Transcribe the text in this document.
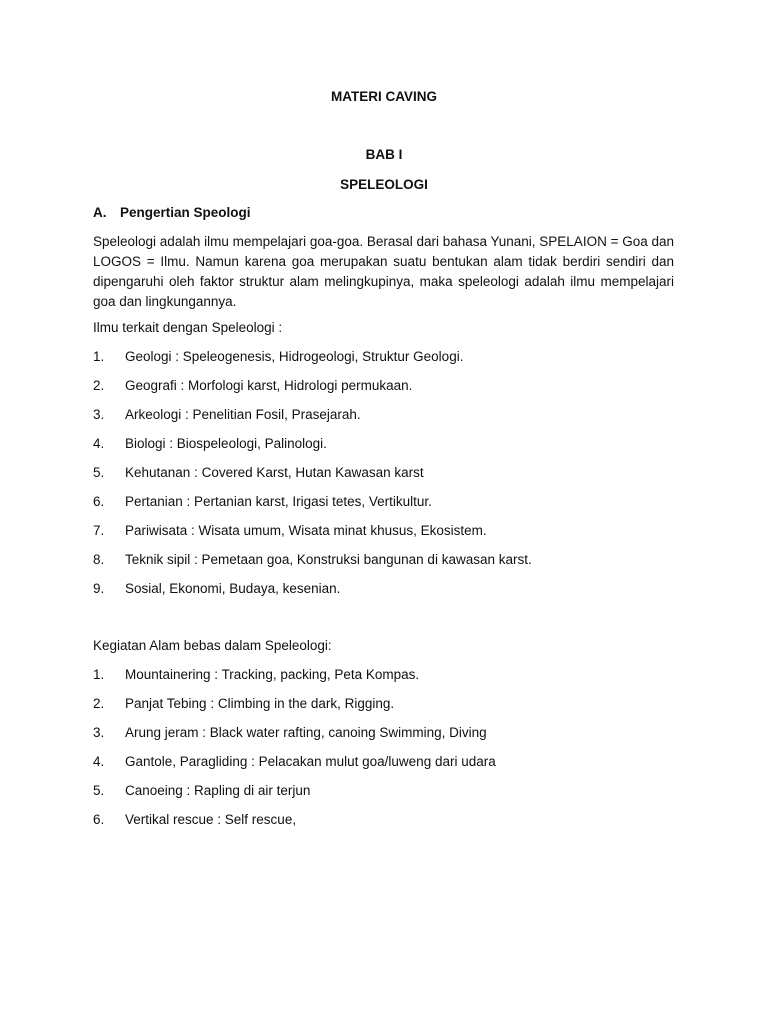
MATERI CAVING
BAB I
SPELEOLOGI
A. Pengertian Speologi
Speleologi adalah ilmu mempelajari goa-goa. Berasal dari bahasa Yunani, SPELAION = Goa dan LOGOS = Ilmu. Namun karena goa merupakan suatu bentukan alam tidak berdiri sendiri dan dipengaruhi oleh faktor struktur alam melingkupinya, maka speleologi adalah ilmu mempelajari goa dan lingkungannya.
Ilmu terkait dengan Speleologi :
1. Geologi : Speleogenesis, Hidrogeologi, Struktur Geologi.
2. Geografi : Morfologi karst, Hidrologi permukaan.
3. Arkeologi : Penelitian Fosil, Prasejarah.
4. Biologi : Biospeleologi, Palinologi.
5. Kehutanan : Covered Karst, Hutan Kawasan karst
6. Pertanian : Pertanian karst, Irigasi tetes, Vertikultur.
7. Pariwisata : Wisata umum, Wisata minat khusus, Ekosistem.
8. Teknik sipil : Pemetaan goa, Konstruksi bangunan di kawasan karst.
9. Sosial, Ekonomi, Budaya, kesenian.
Kegiatan Alam bebas dalam Speleologi:
1. Mountainering : Tracking, packing, Peta Kompas.
2. Panjat Tebing : Climbing in the dark, Rigging.
3. Arung jeram : Black water rafting, canoing Swimming, Diving
4. Gantole, Paragliding : Pelacakan mulut goa/luweng dari udara
5. Canoeing : Rapling di air terjun
6. Vertikal rescue : Self rescue,
